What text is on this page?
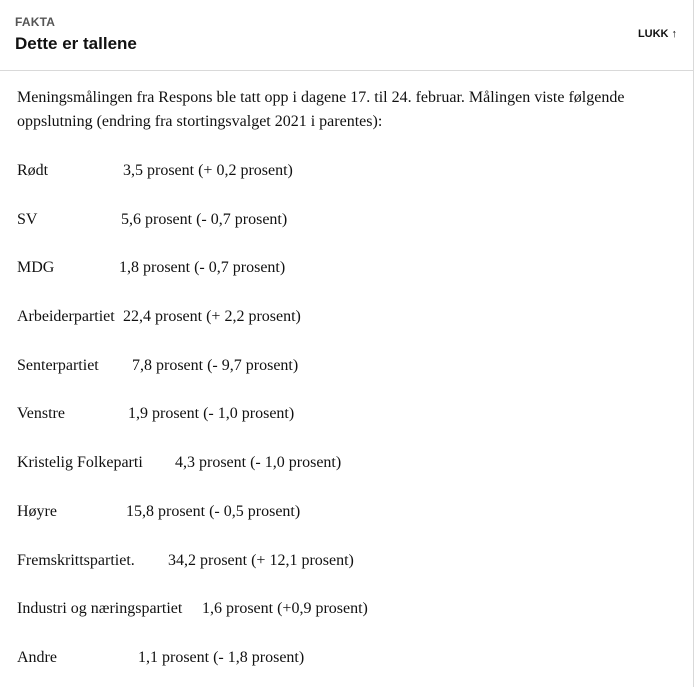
FAKTA
Dette er tallene	LUKK ↑

Meningsmålingen fra Respons ble tatt opp i dagene 17. til 24. februar. Målingen viste følgende oppslutning (endring fra stortingsvalget 2021 i parentes):

Rødt	3,5 prosent (+ 0,2 prosent)
SV	5,6 prosent (- 0,7 prosent)
MDG	1,8 prosent (- 0,7 prosent)
Arbeiderpartiet 22,4 prosent (+ 2,2 prosent)
Senterpartiet 7,8 prosent (- 9,7 prosent)
Venstre	1,9 prosent (- 1,0 prosent)
Kristelig Folkeparti 4,3 prosent (- 1,0 prosent)
Høyre	15,8 prosent (- 0,5 prosent)
Fremskrittspartiet. 34,2 prosent (+ 12,1 prosent)
Industri og næringspartiet 1,6 prosent (+0,9 prosent)
Andre	1,1 prosent (- 1,8 prosent)
